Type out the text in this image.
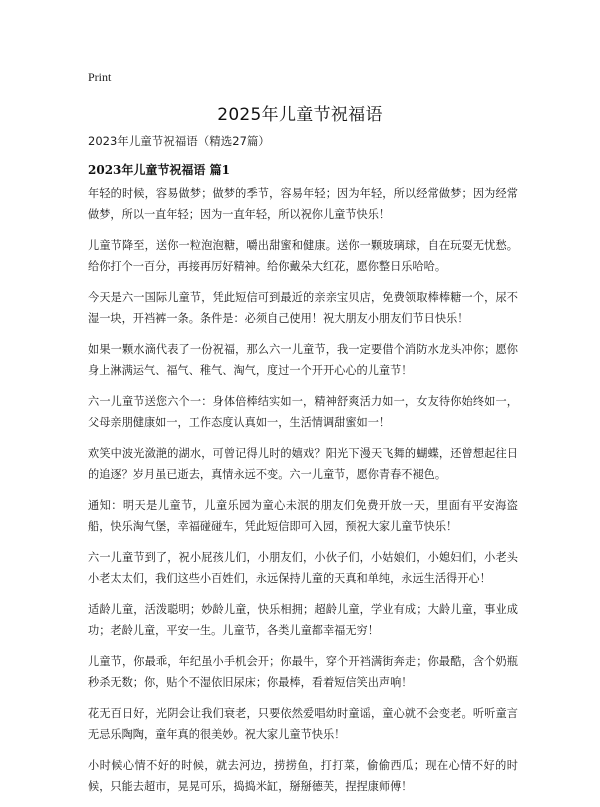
Print
2025年儿童节祝福语
2023年儿童节祝福语（精选27篇）
2023年儿童节祝福语 篇1

年轻的时候，容易做梦；做梦的季节，容易年轻；因为年轻，所以经常做梦；因为经常做梦，所以一直年轻；因为一直年轻，所以祝你儿童节快乐！

儿童节降至，送你一粒泡泡糖，嚼出甜蜜和健康。送你一颗玻璃球，自在玩耍无忧愁。给你打个一百分，再接再厉好精神。给你戴朵大红花，愿你整日乐哈哈。

今天是六一国际儿童节，凭此短信可到最近的亲亲宝贝店，免费领取棒棒糖一个，尿不湿一块，开裆裤一条。条件是：必须自己使用！祝大朋友小朋友们节日快乐！

如果一颗水滴代表了一份祝福，那么六一儿童节，我一定要借个消防水龙头冲你；愿你身上淋满运气、福气、稚气、淘气，度过一个开开心心的儿童节！

六一儿童节送您六个一：身体倍棒结实如一，精神舒爽活力如一，女友待你始终如一，父母亲朋健康如一，工作态度认真如一，生活情调甜蜜如一！

欢笑中波光潋滟的湖水，可曾记得儿时的嬉戏？阳光下漫天飞舞的蝴蝶，还曾想起往日的追逐？岁月虽已逝去，真情永远不变。六一儿童节，愿你青春不褪色。

通知：明天是儿童节，儿童乐园为童心未泯的朋友们免费开放一天，里面有平安海盗船，快乐淘气堡，幸福碰碰车，凭此短信即可入园，预祝大家儿童节快乐！

六一儿童节到了，祝小屁孩儿们，小朋友们，小伙子们，小姑娘们，小媳妇们，小老头小老太太们，我们这些小百姓们，永远保持儿童的天真和单纯，永远生活得开心！

适龄儿童，活泼聪明；妙龄儿童，快乐相拥；超龄儿童，学业有成；大龄儿童，事业成功；老龄儿童，平安一生。儿童节，各类儿童都幸福无穷！

儿童节，你最乖，年纪虽小手机会开；你最牛，穿个开裆满街奔走；你最酷，含个奶瓶秒杀无数；你，贴个不湿依旧尿床；你最棒，看着短信笑出声响！

花无百日好，光阴会让我们衰老，只要依然爱唱幼时童谣，童心就不会变老。听听童言无忌乐陶陶，童年真的很美妙。祝大家儿童节快乐！

小时候心情不好的时候，就去河边，捞捞鱼，打打菜，偷偷西瓜；现在心情不好的时候，只能去超市，晃晃可乐，捣捣米缸，掰掰德芙，捏捏康师傅！
